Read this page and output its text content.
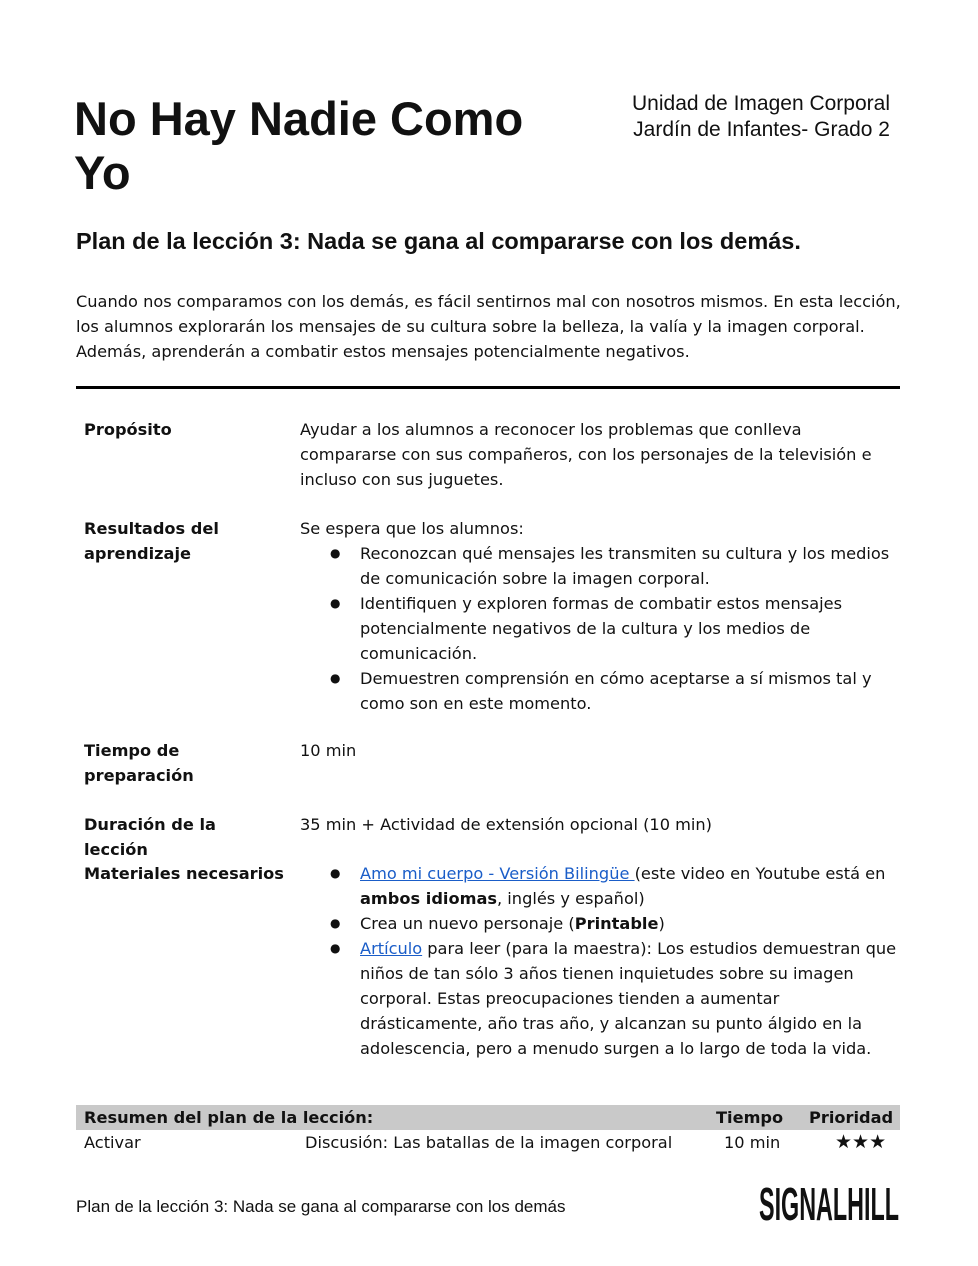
No Hay Nadie Como Yo
Unidad de Imagen Corporal
Jardín de Infantes- Grado 2
Plan de la lección 3: Nada se gana al compararse con los demás.

Cuando nos comparamos con los demás, es fácil sentirnos mal con nosotros mismos. En esta lección, los alumnos explorarán los mensajes de su cultura sobre la belleza, la valía y la imagen corporal. Además, aprenderán a combatir estos mensajes potencialmente negativos.

Propósito	Ayudar a los alumnos a reconocer los problemas que conlleva compararse con sus compañeros, con los personajes de la televisión e incluso con sus juguetes.
Resultados del aprendizaje
Se espera que los alumnos:
● Reconozcan qué mensajes les transmiten su cultura y los medios de comunicación sobre la imagen corporal.
● Identifiquen y exploren formas de combatir estos mensajes potencialmente negativos de la cultura y los medios de comunicación.
● Demuestren comprensión en cómo aceptarse a sí mismos tal y como son en este momento.
Tiempo de preparación
10 min
Duración de la lección
35 min + Actividad de extensión opcional (10 min)
Materiales necesarios
●	Amo mi cuerpo - Versión Bilingüe (este video en Youtube está en ambos idiomas, inglés y español)
● Crea un nuevo personaje (Printable)
● Artículo para leer (para la maestra): Los estudios demuestran que niños de tan sólo 3 años tienen inquietudes sobre su imagen corporal. Estas preocupaciones tienden a aumentar drásticamente, año tras año, y alcanzan su punto álgido en la adolescencia, pero a menudo surgen a lo largo de toda la vida.
Resumen del plan de la lección:	Tiempo Prioridad
Activar	Discusión: Las batallas de la imagen corporal	10 min	★★★
Plan de la lección 3: Nada se gana al compararse con los demás	SIGNALHILL
